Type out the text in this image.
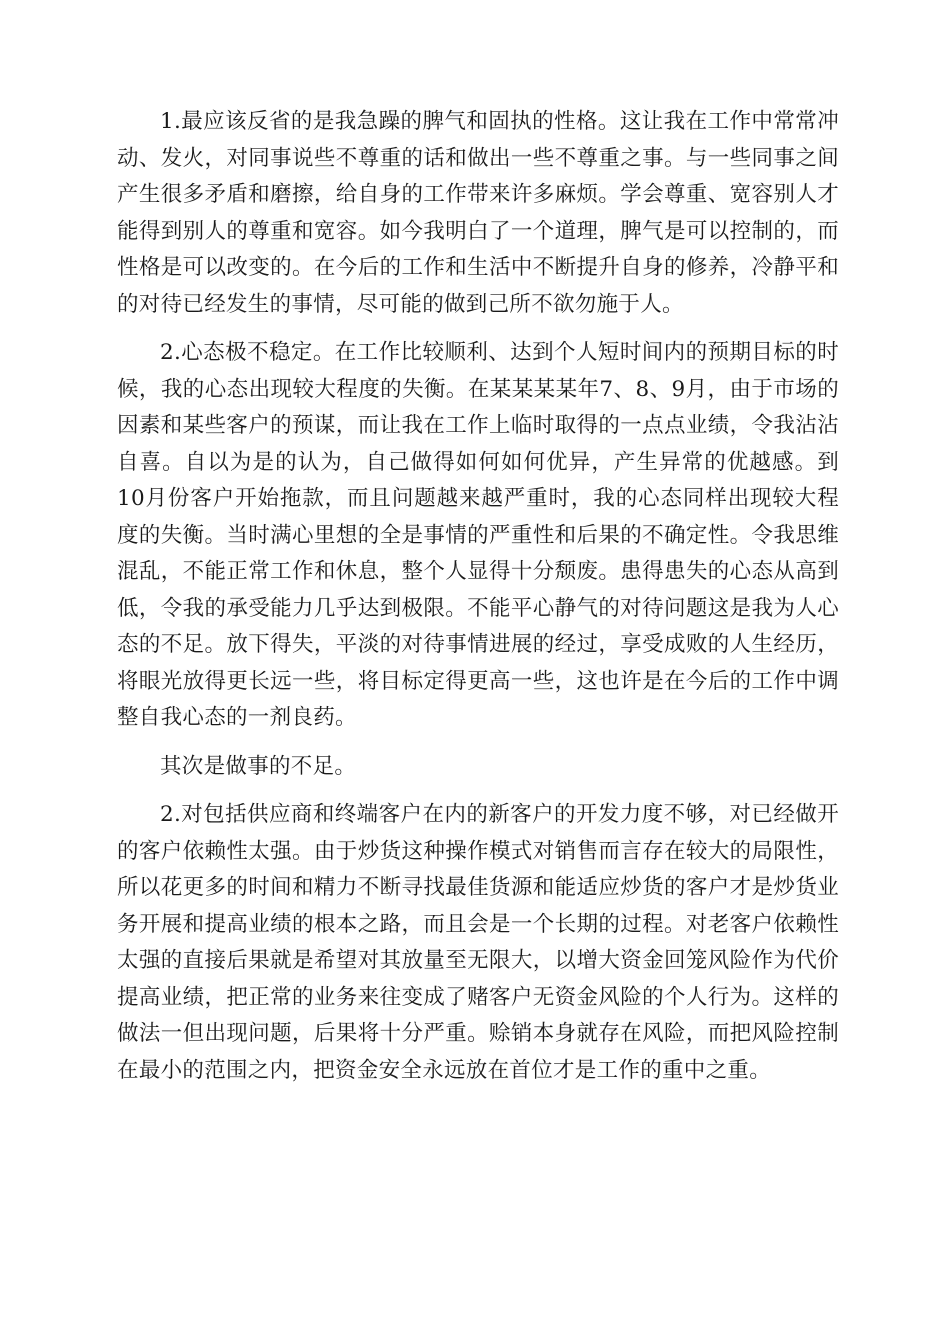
1.最应该反省的是我急躁的脾气和固执的性格。这让我在工作中常常冲动、发火，对同事说些不尊重的话和做出一些不尊重之事。与一些同事之间产生很多矛盾和磨擦，给自身的工作带来许多麻烦。学会尊重、宽容别人才能得到别人的尊重和宽容。如今我明白了一个道理，脾气是可以控制的，而性格是可以改变的。在今后的工作和生活中不断提升自身的修养，冷静平和的对待已经发生的事情，尽可能的做到己所不欲勿施于人。

2.心态极不稳定。在工作比较顺利、达到个人短时间内的预期目标的时候，我的心态出现较大程度的失衡。在某某某某年7、8、9月，由于市场的因素和某些客户的预谋，而让我在工作上临时取得的一点点业绩，令我沾沾自喜。自以为是的认为，自己做得如何如何优异，产生异常的优越感。到10月份客户开始拖款，而且问题越来越严重时，我的心态同样出现较大程度的失衡。当时满心里想的全是事情的严重性和后果的不确定性。令我思维混乱，不能正常工作和休息，整个人显得十分颓废。患得患失的心态从高到低，令我的承受能力几乎达到极限。不能平心静气的对待问题这是我为人心态的不足。放下得失，平淡的对待事情进展的经过，享受成败的人生经历，将眼光放得更长远一些，将目标定得更高一些，这也许是在今后的工作中调整自我心态的一剂良药。

其次是做事的不足。

2.对包括供应商和终端客户在内的新客户的开发力度不够，对已经做开的客户依赖性太强。由于炒货这种操作模式对销售而言存在较大的局限性，所以花更多的时间和精力不断寻找最佳货源和能适应炒货的客户才是炒货业务开展和提高业绩的根本之路，而且会是一个长期的过程。对老客户依赖性太强的直接后果就是希望对其放量至无限大，以增大资金回笼风险作为代价提高业绩，把正常的业务来往变成了赌客户无资金风险的个人行为。这样的做法一但出现问题，后果将十分严重。赊销本身就存在风险，而把风险控制在最小的范围之内，把资金安全永远放在首位才是工作的重中之重。
